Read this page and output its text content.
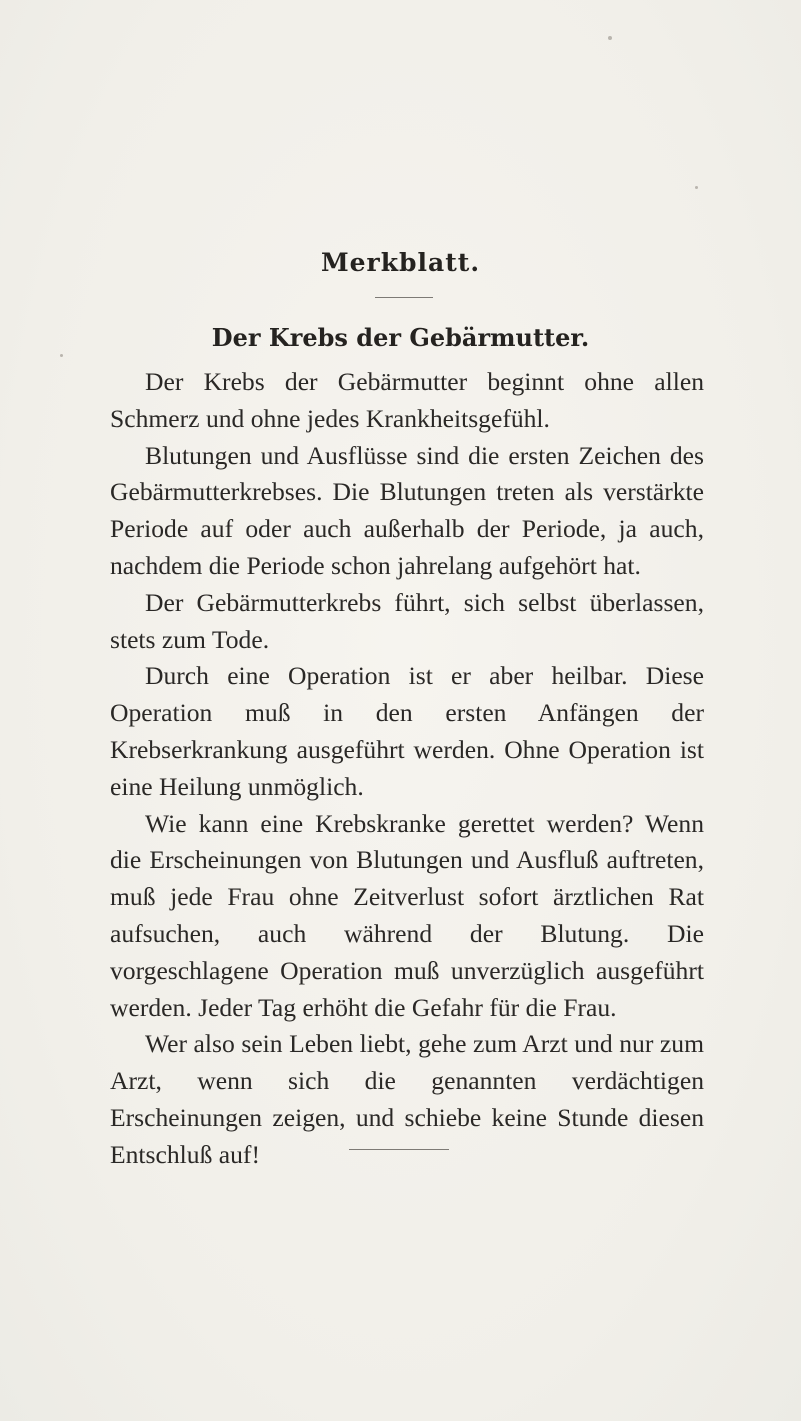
Merkblatt.
Der Krebs der Gebärmutter.

Der Krebs der Gebärmutter beginnt ohne allen Schmerz und ohne jedes Krankheitsgefühl.

Blutungen und Ausflüsse sind die ersten Zeichen des Gebärmutterkrebses. Die Blutungen treten als verstärkte Periode auf oder auch außerhalb der Periode, ja auch, nachdem die Periode schon jahrelang aufgehört hat.

Der Gebärmutterkrebs führt, sich selbst überlassen, stets zum Tode.

Durch eine Operation ist er aber heilbar. Diese Operation muß in den ersten Anfängen der Krebserkrankung ausgeführt werden. Ohne Operation ist eine Heilung unmöglich.

Wie kann eine Krebskranke gerettet werden? Wenn die Erscheinungen von Blutungen und Ausfluß auftreten, muß jede Frau ohne Zeitverlust sofort ärztlichen Rat aufsuchen, auch während der Blutung. Die vorgeschlagene Operation muß unverzüglich ausgeführt werden. Jeder Tag erhöht die Gefahr für die Frau.

Wer also sein Leben liebt, gehe zum Arzt und nur zum Arzt, wenn sich die genannten verdächtigen Erscheinungen zeigen, und schiebe keine Stunde diesen Entschluß auf!
